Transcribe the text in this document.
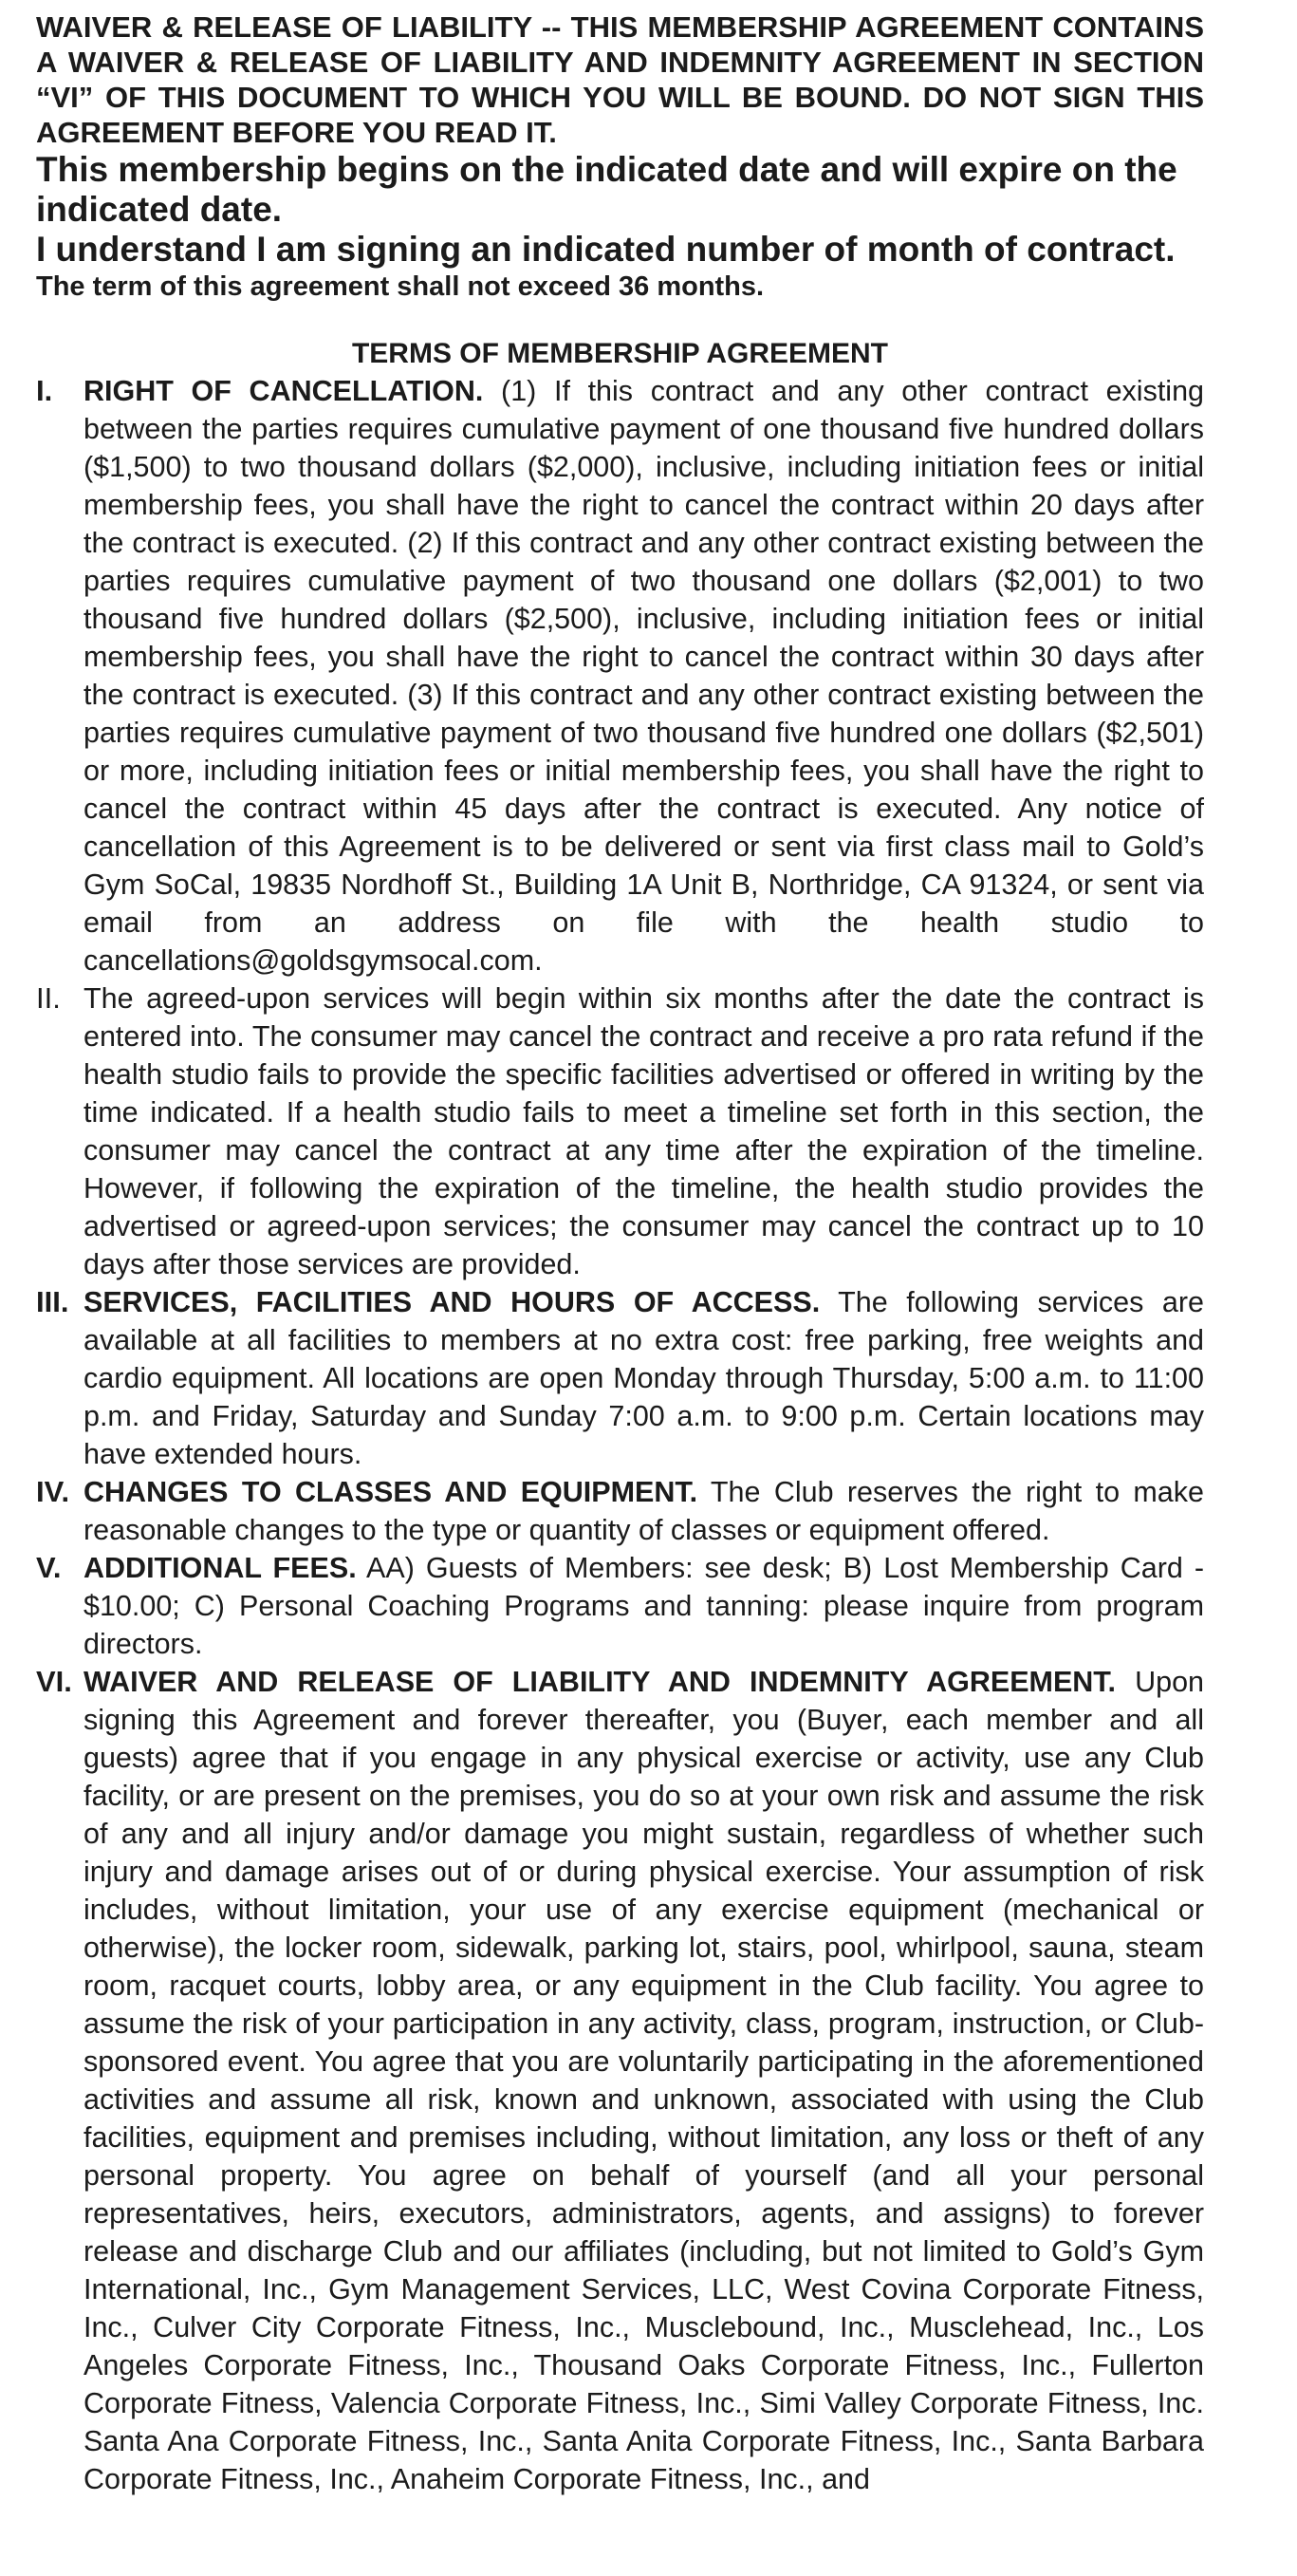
WAIVER & RELEASE OF LIABILITY -- THIS MEMBERSHIP AGREEMENT CONTAINS A WAIVER & RELEASE OF LIABILITY AND INDEMNITY AGREEMENT IN SECTION “VI” OF THIS DOCUMENT TO WHICH YOU WILL BE BOUND. DO NOT SIGN THIS AGREEMENT BEFORE YOU READ IT.

This membership begins on the indicated date and will expire on the indicated date.

I understand I am signing an indicated number of month of contract.

The term of this agreement shall not exceed 36 months.

TERMS OF MEMBERSHIP AGREEMENT
I.	RIGHT OF CANCELLATION. (1) If this contract and any other contract existing between the parties requires cumulative payment of one thousand five hundred dollars ($1,500) to two thousand dollars ($2,000), inclusive, including initiation fees or initial membership fees, you shall have the right to cancel the contract within 20 days after the contract is executed. (2) If this contract and any other contract existing between the parties requires cumulative payment of two thousand one dollars ($2,001) to two thousand five hundred dollars ($2,500), inclusive, including initiation fees or initial membership fees, you shall have the right to cancel the contract within 30 days after the contract is executed. (3) If this contract and any other contract existing between the parties requires cumulative payment of two thousand five hundred one dollars ($2,501) or more, including initiation fees or initial membership fees, you shall have the right to cancel the contract within 45 days after the contract is executed. Any notice of cancellation of this Agreement is to be delivered or sent via first class mail to Gold’s Gym SoCal, 19835 Nordhoff St., Building 1A Unit B, Northridge, CA 91324, or sent via email from an address on file with the health studio to cancellations@goldsgymsocal.com.

II. The agreed-upon services will begin within six months after the date the contract is entered into. The consumer may cancel the contract and receive a pro rata refund if the health studio fails to provide the specific facilities advertised or offered in writing by the time indicated. If a health studio fails to meet a timeline set forth in this section, the consumer may cancel the contract at any time after the expiration of the timeline. However, if following the expiration of the timeline, the health studio provides the advertised or agreed-upon services; the consumer may cancel the contract up to 10 days after those services are provided.

III. SERVICES, FACILITIES AND HOURS OF ACCESS. The following services are available at all facilities to members at no extra cost: free parking, free weights and cardio equipment. All locations are open Monday through Thursday, 5:00 a.m. to 11:00 p.m. and Friday, Saturday and Sunday 7:00 a.m. to 9:00 p.m. Certain locations may have extended hours.

IV. CHANGES TO CLASSES AND EQUIPMENT. The Club reserves the right to make reasonable changes to the type or quantity of classes or equipment offered.

V. ADDITIONAL FEES. AA) Guests of Members: see desk; B) Lost Membership Card - $10.00; C) Personal Coaching Programs and tanning: please inquire from program directors.

VI. WAIVER AND RELEASE OF LIABILITY AND INDEMNITY AGREEMENT. Upon signing this Agreement and forever thereafter, you (Buyer, each member and all guests) agree that if you engage in any physical exercise or activity, use any Club facility, or are present on the premises, you do so at your own risk and assume the risk of any and all injury and/or damage you might sustain, regardless of whether such injury and damage arises out of or during physical exercise. Your assumption of risk includes, without limitation, your use of any exercise equipment (mechanical or otherwise), the locker room, sidewalk, parking lot, stairs, pool, whirlpool, sauna, steam room, racquet courts, lobby area, or any equipment in the Club facility. You agree to assume the risk of your participation in any activity, class, program, instruction, or Club-sponsored event. You agree that you are voluntarily participating in the aforementioned activities and assume all risk, known and unknown, associated with using the Club facilities, equipment and premises including, without limitation, any loss or theft of any personal property. You agree on behalf of yourself (and all your personal representatives, heirs, executors, administrators, agents, and assigns) to forever release and discharge Club and our affiliates (including, but not limited to Gold’s Gym International, Inc., Gym Management Services, LLC, West Covina Corporate Fitness, Inc., Culver City Corporate Fitness, Inc., Musclebound, Inc., Musclehead, Inc., Los Angeles Corporate Fitness, Inc., Thousand Oaks Corporate Fitness, Inc., Fullerton Corporate Fitness, Valencia Corporate Fitness, Inc., Simi Valley Corporate Fitness, Inc. Santa Ana Corporate Fitness, Inc., Santa Anita Corporate Fitness, Inc., Santa Barbara Corporate Fitness, Inc., Anaheim Corporate Fitness, Inc., and
